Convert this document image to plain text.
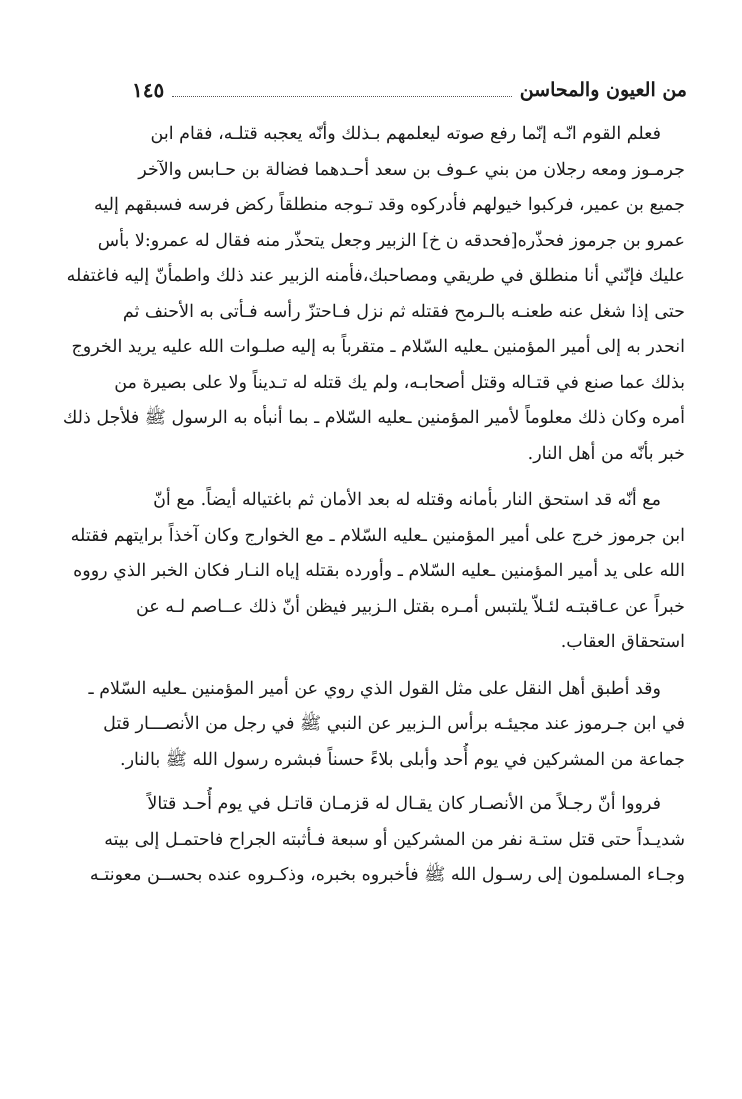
من العيون والمحاسن
١٤٥

فعلم القوم انّـه إنّما رفع صوته ليعلمهم بـذلك وأنّه يعجبه قتلـه، فقام ابن
جرمـوز ومعه رجلان من بني عـوف بن سعد أحـدهما فضالة بن حـابس والآخر
جميع بن عمير، فركبوا خيولهم فأدركوه وقد تـوجه منطلقاً ركض فرسه فسبقهم إليه
عمرو بن جرموز فحذّره[فحدقه ن خ] الزبير وجعل يتحذّر منه فقال له عمرو:لا بأس
عليك فإنّني أنا منطلق في طريقي ومصاحبك،فأمنه الزبير عند ذلك واطمأنّ إليه فاغتفله
حتى إذا شغل عنه طعنـه بالـرمح فقتله ثم نزل فـاحتزّ رأسه فـأتى به الأحنف ثم
انحدر به إلى أمير المؤمنين ـعليه السّلام ـ متقرباً به إليه صلـوات الله عليه يريد الخروج
بذلك عما صنع في قتـاله وقتل أصحابـه، ولم يك قتله له تـديناً ولا على بصيرة من
أمره وكان ذلك معلوماً لأمير المؤمنين ـعليه السّلام ـ بما أنبأه به الرسول ﷺ فلأجل ذلك
خبر بأنّه من أهل النار.

مع أنّه قد استحق النار بأمانه وقتله له بعد الأمان ثم باغتياله أيضاً. مع أنّ
ابن جرموز خرج على أمير المؤمنين ـعليه السّلام ـ مع الخوارج وكان آخذاً برايتهم فقتله
الله على يد أمير المؤمنين ـعليه السّلام ـ وأورده بقتله إياه النـار فكان الخبر الذي رووه
خبراً عن عـاقبتـه لئـلاّ يلتبس أمـره بقتل الـزبير فيظن أنّ ذلك عــاصم لـه عن
استحقاق العقاب.

وقد أطبق أهل النقل على مثل القول الذي روي عن أمير المؤمنين ـعليه السّلام ـ
في ابن جـرموز عند مجيئـه برأس الـزبير عن النبي ﷺ في رجل من الأنصـــار قتل
جماعة من المشركين في يوم أُحد وأبلى بلاءً حسناً فبشره رسول الله ﷺ بالنار.

فرووا أنّ رجـلاً من الأنصـار كان يقـال له قزمـان قاتـل في يوم أُحـد قتالاً
شديـداً حتى قتل ستـة نفر من المشركين أو سبعة فـأثبته الجراح فاحتمـل إلى بيته
وجـاء المسلمون إلى رسـول الله ﷺ فأخبروه بخبره، وذكـروه عنده بحســن معونتـه
